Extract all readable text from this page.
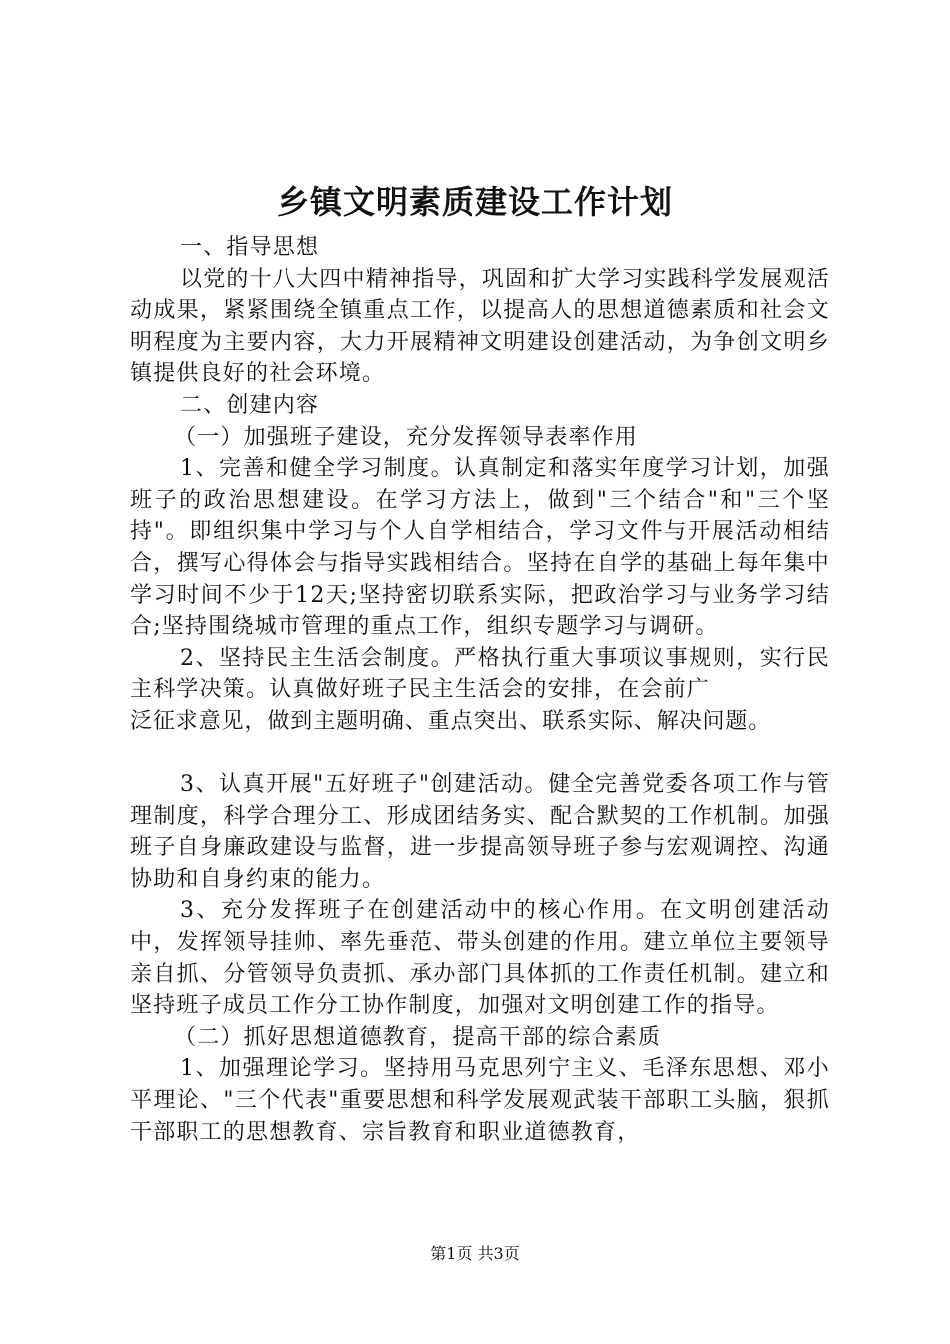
乡镇文明素质建设工作计划

一、指导思想

以党的十八大四中精神指导，巩固和扩大学习实践科学发展观活动成果，紧紧围绕全镇重点工作，以提高人的思想道德素质和社会文明程度为主要内容，大力开展精神文明建设创建活动，为争创文明乡镇提供良好的社会环境。

二、创建内容

（一）加强班子建设，充分发挥领导表率作用

1、完善和健全学习制度。认真制定和落实年度学习计划，加强班子的政治思想建设。在学习方法上，做到"三个结合"和"三个坚持"。即组织集中学习与个人自学相结合，学习文件与开展活动相结合，撰写心得体会与指导实践相结合。坚持在自学的基础上每年集中学习时间不少于12天;坚持密切联系实际，把政治学习与业务学习结合;坚持围绕城市管理的重点工作，组织专题学习与调研。

2、坚持民主生活会制度。严格执行重大事项议事规则，实行民主科学决策。认真做好班子民主生活会的安排，在会前广

泛征求意见，做到主题明确、重点突出、联系实际、解决问题。

3、认真开展"五好班子"创建活动。健全完善党委各项工作与管理制度，科学合理分工、形成团结务实、配合默契的工作机制。加强班子自身廉政建设与监督，进一步提高领导班子参与宏观调控、沟通协助和自身约束的能力。

3、充分发挥班子在创建活动中的核心作用。在文明创建活动中，发挥领导挂帅、率先垂范、带头创建的作用。建立单位主要领导亲自抓、分管领导负责抓、承办部门具体抓的工作责任机制。建立和坚持班子成员工作分工协作制度，加强对文明创建工作的指导。

（二）抓好思想道德教育，提高干部的综合素质

1、加强理论学习。坚持用马克思列宁主义、毛泽东思想、邓小平理论、"三个代表"重要思想和科学发展观武装干部职工头脑，狠抓干部职工的思想教育、宗旨教育和职业道德教育，

第1页 共3页
